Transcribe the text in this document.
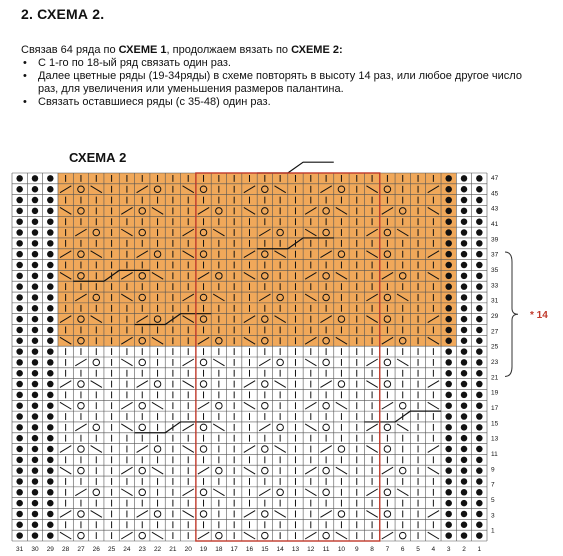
2. СХЕМА 2.
Связав 64 ряда по СХЕМЕ 1, продолжаем вязать по СХЕМЕ 2:
• С 1-го по 18-ый ряд связать один раз.
• Далее цветные ряды (19-34ряды) в схеме повторять в высоту 14 раз, или любое другое число раз, для увеличения или уменьшения размеров палантина.
• Связать оставшиеся ряды (с 35-48) один раз.
СХЕМА 2
47
45
43
41
39
37
35
33
31
29
27
25
23
21
19
17
15
13
11
9
7
5
3
1
31 30 29 28 27 26 25 24 23 22 21 20 19 18 17 16 15 14 13 12 11 10 9 8 7 6 5 4 3 2 1
* 14
